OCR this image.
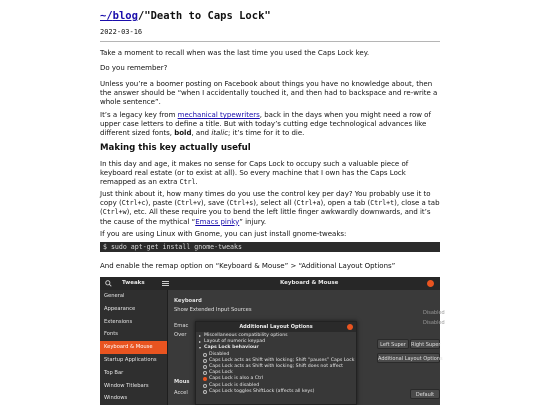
~/blog/"Death to Caps Lock"
2022-03-16
Take a moment to recall when was the last time you used the Caps Lock key.
Do you remember?
Unless you’re a boomer posting on Facebook about things you have no knowledge about, then the answer should be “when I accidentally touched it, and then had to backspace and re-write a whole sentence”.
It’s a legacy key from mechanical typewriters, back in the days when you might need a row of upper case letters to define a title. But with today’s cutting edge technological advances like different sized fonts, bold, and italic; it’s time for it to die.
Making this key actually useful
In this day and age, it makes no sense for Caps Lock to occupy such a valuable piece of keyboard real estate (or to exist at all). So every machine that I own has the Caps Lock remapped as an extra Ctrl.
Just think about it, how many times do you use the control key per day? You probably use it to copy (Ctrl+c), paste (Ctrl+v), save (Ctrl+s), select all (Ctrl+a), open a tab (Ctrl+t), close a tab (Ctrl+w), etc. All these require you to bend the left little finger awkwardly downwards, and it’s the cause of the mythical “Emacs pinky” injury.
If you are using Linux with Gnome, you can just install gnome-tweaks:
$ sudo apt-get install gnome-tweaks
And enable the remap option on “Keyboard & Mouse” > “Additional Layout Options”
Tweaks	Keyboard & Mouse
General
Appearance
Extensions
Fonts
Keyboard & Mouse
Startup Applications
Top Bar
Window Titlebars
Windows
Keyboard
Show Extended Input Sources
Emac
Over
Disabled
Disabled
Left Super	Right Super
Additional Layout Options
Mous
Accel	Default
Additional Layout Options
▸ Miscellaneous compatibility options
▸ Layout of numeric keypad
▾ Caps Lock behaviour
Disabled
Caps Lock acts as Shift with locking; Shift “pauses” Caps Lock
Caps Lock acts as Shift with locking; Shift does not affect
Caps Lock
Caps Lock is also a Ctrl
Caps Lock is disabled
Caps Lock toggles ShiftLock (affects all keys)
